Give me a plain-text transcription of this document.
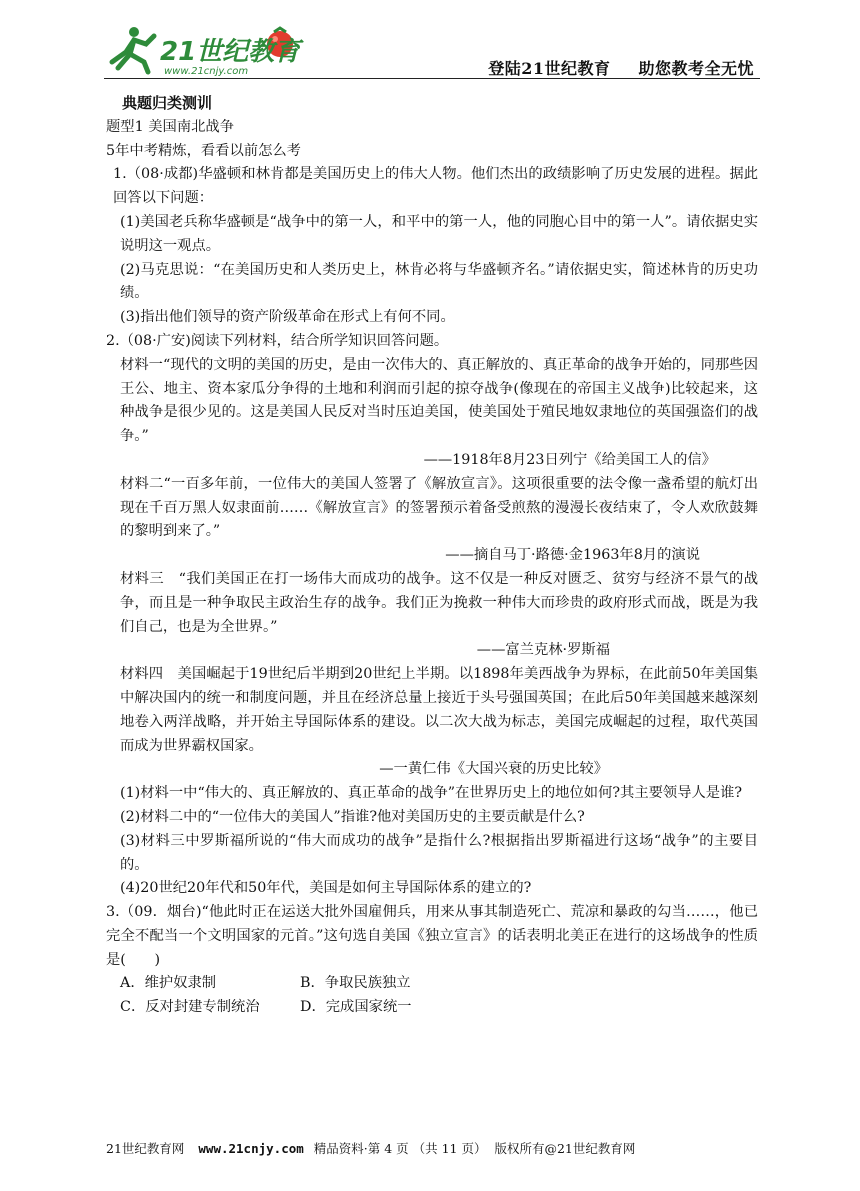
21世纪教育
www.21cnjy.com	登陆21世纪教育 助您教考全无忧

典题归类测训

题型1 美国南北战争

5年中考精炼，看看以前怎么考

1.（08·成都)华盛顿和林肯都是美国历史上的伟大人物。他们杰出的政绩影响了历史发展的进程。据此回答以下问题：

(1)美国老兵称华盛顿是“战争中的第一人，和平中的第一人，他的同胞心目中的第一人”。请依据史实说明这一观点。

(2)马克思说：“在美国历史和人类历史上，林肯必将与华盛顿齐名。”请依据史实，简述林肯的历史功绩。

(3)指出他们领导的资产阶级革命在形式上有何不同。

2.（08·广安)阅读下列材料，结合所学知识回答问题。

材料一“现代的文明的美国的历史，是由一次伟大的、真正解放的、真正革命的战争开始的，同那些因王公、地主、资本家瓜分争得的土地和利润而引起的掠夺战争(像现在的帝国主义战争)比较起来，这种战争是很少见的。这是美国人民反对当时压迫美国，使美国处于殖民地奴隶地位的英国强盗们的战争。”

——1918年8月23日列宁《给美国工人的信》

材料二“一百多年前，一位伟大的美国人签署了《解放宣言》。这项很重要的法令像一盏希望的航灯出现在千百万黑人奴隶面前……《解放宣言》的签署预示着备受煎熬的漫漫长夜结束了，令人欢欣鼓舞的黎明到来了。”

——摘自马丁·路德·金1963年8月的演说

材料三　“我们美国正在打一场伟大而成功的战争。这不仅是一种反对匮乏、贫穷与经济不景气的战争，而且是一种争取民主政治生存的战争。我们正为挽救一种伟大而珍贵的政府形式而战，既是为我们自己，也是为全世界。”

——富兰克林·罗斯福

材料四　美国崛起于19世纪后半期到20世纪上半期。以1898年美西战争为界标，在此前50年美国集中解决国内的统一和制度问题，并且在经济总量上接近于头号强国英国；在此后50年美国越来越深刻地卷入两洋战略，并开始主导国际体系的建设。以二次大战为标志，美国完成崛起的过程，取代英国而成为世界霸权国家。

—一黄仁伟《大国兴衰的历史比较》

(1)材料一中“伟大的、真正解放的、真正革命的战争”在世界历史上的地位如何?其主要领导人是谁?

(2)材料二中的“一位伟大的美国人”指谁?他对美国历史的主要贡献是什么?

(3)材料三中罗斯福所说的“伟大而成功的战争”是指什么?根据指出罗斯福进行这场“战争”的主要目的。

(4)20世纪20年代和50年代，美国是如何主导国际体系的建立的?

3.（09．烟台)“他此时正在运送大批外国雇佣兵，用来从事其制造死亡、荒凉和暴政的勾当……，他已完全不配当一个文明国家的元首。”这句选自美国《独立宣言》的话表明北美正在进行的这场战争的性质是(　　)

A．维护奴隶制	B．争取民族独立
C．反对封建专制统治	D．完成国家统一
21世纪教育网 www.21cnjy.com 精品资料·第 4 页 （共 11 页） 版权所有@21世纪教育网
